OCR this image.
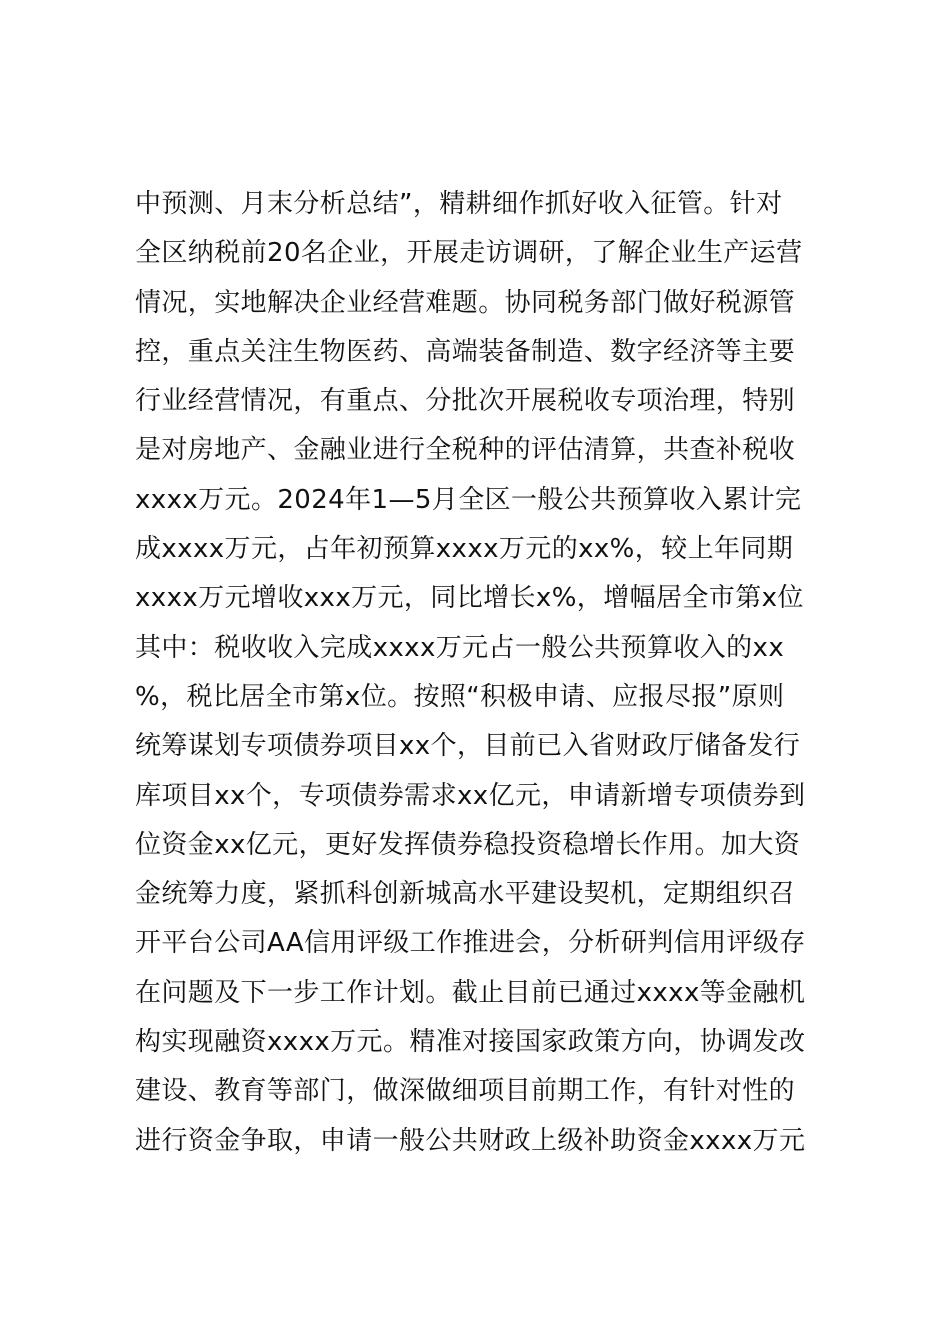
中预测、月末分析总结”，精耕细作抓好收入征管。针对
全区纳税前20名企业，开展走访调研，了解企业生产运营
情况，实地解决企业经营难题。协同税务部门做好税源管
控，重点关注生物医药、高端装备制造、数字经济等主要
行业经营情况，有重点、分批次开展税收专项治理，特别
是对房地产、金融业进行全税种的评估清算，共查补税收
xxxx万元。2024年1—5月全区一般公共预算收入累计完
成xxxx万元，占年初预算xxxx万元的xx%，较上年同期
xxxx万元增收xxx万元，同比增长x%，增幅居全市第x位
其中：税收收入完成xxxx万元占一般公共预算收入的xx
%，税比居全市第x位。按照“积极申请、应报尽报”原则
统筹谋划专项债券项目xx个，目前已入省财政厅储备发行
库项目xx个，专项债券需求xx亿元，申请新增专项债券到
位资金xx亿元，更好发挥债券稳投资稳增长作用。加大资
金统筹力度，紧抓科创新城高水平建设契机，定期组织召
开平台公司AA信用评级工作推进会，分析研判信用评级存
在问题及下一步工作计划。截止目前已通过xxxx等金融机
构实现融资xxxx万元。精准对接国家政策方向，协调发改
建设、教育等部门，做深做细项目前期工作，有针对性的
进行资金争取，申请一般公共财政上级补助资金xxxx万元
